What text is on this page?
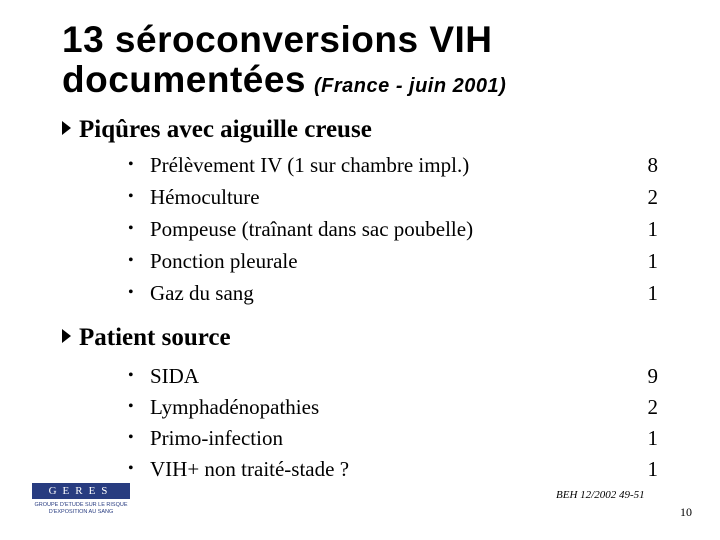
13 séroconversions VIH
documentées (France - juin 2001)
Piqûres avec aiguille creuse
• Prélèvement IV (1 sur chambre impl.)	8
• Hémoculture	2
• Pompeuse (traînant dans sac poubelle)	1
• Ponction pleurale	1
• Gaz du sang	1
Patient source
• SIDA	9
• Lymphadénopathies	2
• Primo-infection	1
• VIH+ non traité-stade ?	1
GERES
GROUPE D'ETUDE SUR LE RISQUE
D'EXPOSITION AU SANG
BEH 12/2002 49-51
10
